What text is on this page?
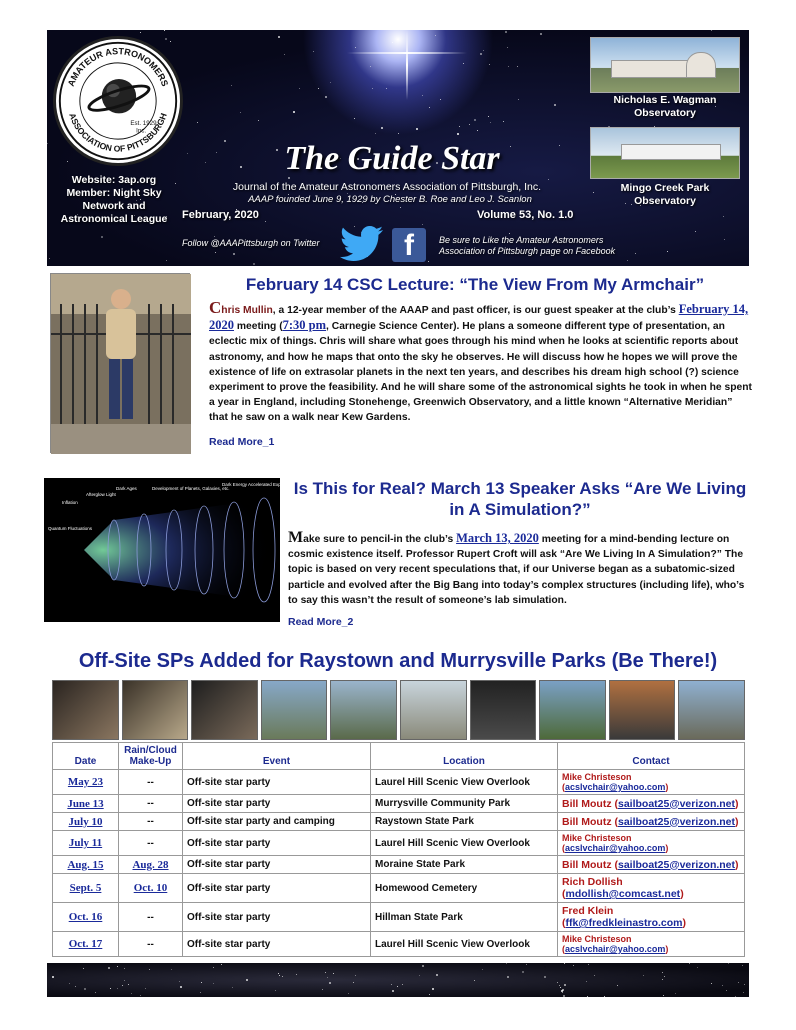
AMATEUR ASTRONOMERS
ASSOCIATION OF PITTSBURGH
Est. 1929
Inc.
Website: 3ap.org
Member: Night Sky
Network and
Astronomical League
The Guide Star
Journal of the Amateur Astronomers Association of Pittsburgh, Inc.
AAAP founded June 9, 1929 by Chester B. Roe and Leo J. Scanlon
February, 2020	Volume 53, No. 1.0
Follow @AAAPittsburgh on Twitter	f	Be sure to Like the Amateur Astronomers
Association of Pittsburgh page on Facebook
Nicholas E. Wagman
Observatory
Mingo Creek Park
Observatory
February 14 CSC Lecture: “The View From My Armchair”
Chris Mullin, a 12-year member of the AAAP and past officer, is our guest speaker at the club’s February 14, 2020 meeting (7:30 pm, Carnegie Science Center). He plans a someone different type of presentation, an eclectic mix of things. Chris will share what goes through his mind when he looks at scientific reports about astronomy, and how he maps that onto the sky he observes. He will discuss how he hopes we will prove the existence of life on extrasolar planets in the next ten years, and describes his dream high school (?) science experiment to prove the feasibility. And he will share some of the astronomical sights he took in when he spent a year in England, including Stonehenge, Greenwich Observatory, and a little known “Alternative Meridian” that he saw on a walk near Kew Gardens.
Read More_1
Inflation
Afterglow Light
Dark Ages	Development of Planets, Galaxies, etc.
Dark Energy Accelerated Expansion
Quantum Fluctuations
Is This for Real? March 13 Speaker Asks “Are We Living
in A Simulation?”
Make sure to pencil-in the club’s March 13, 2020 meeting for a mind-bending lecture on cosmic existence itself. Professor Rupert Croft will ask “Are We Living In A Simulation?” The topic is based on very recent speculations that, if our Universe began as a subatomic-sized particle and evolved after the Big Bang into today’s complex structures (including life), who’s to say this wasn’t the result of someone’s lab simulation.
Read More_2
Off-Site SPs Added for Raystown and Murrysville Parks (Be There!)
Date	Rain/Cloud Make-Up	Event	Location	Contact
May 23	--	Off-site star party	Laurel Hill Scenic View Overlook	Mike Christeson (acslvchair@yahoo.com)
June 13	--	Off-site star party	Murrysville Community Park	Bill Moutz (sailboat25@verizon.net)
July 10	--	Off-site star party and camping	Raystown State Park	Bill Moutz (sailboat25@verizon.net)
July 11	--	Off-site star party	Laurel Hill Scenic View Overlook	Mike Christeson (acslvchair@yahoo.com)
Aug. 15	Aug. 28	Off-site star party	Moraine State Park	Bill Moutz (sailboat25@verizon.net)
Sept. 5	Oct. 10	Off-site star party	Homewood Cemetery	Rich Dollish (mdollish@comcast.net)
Oct. 16	--	Off-site star party	Hillman State Park	Fred Klein (ffk@fredkleinastro.com)
Oct. 17	--	Off-site star party	Laurel Hill Scenic View Overlook	Mike Christeson (acslvchair@yahoo.com)
